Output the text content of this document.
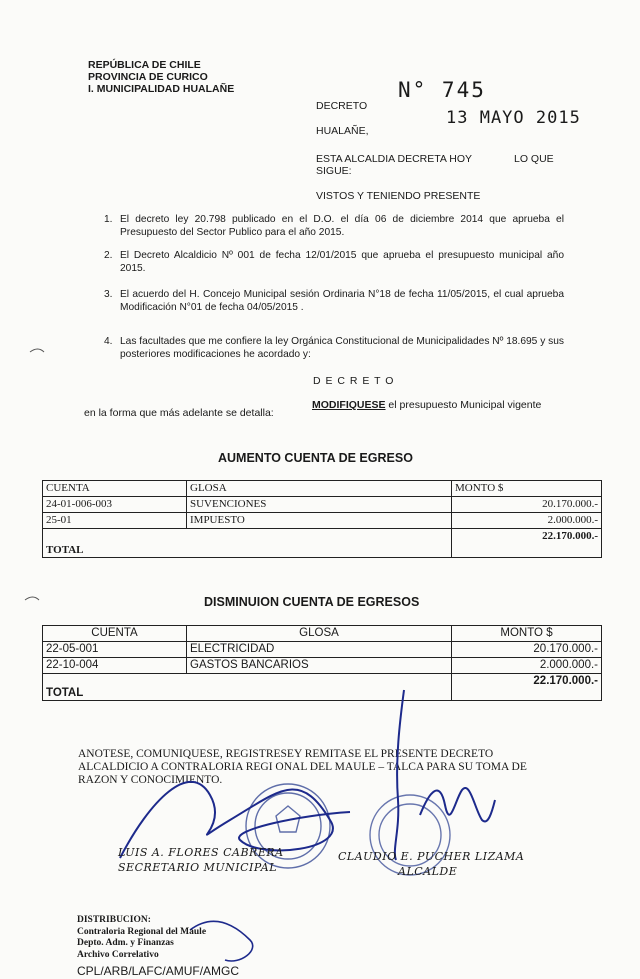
REPÚBLICA DE CHILE
PROVINCIA DE CURICO
I. MUNICIPALIDAD HUALAÑE	N° 745
13 MAYO 2015
DECRETO
HUALAÑE,
ESTA ALCALDIA DECRETA HOY	LO QUE
SIGUE:
VISTOS Y TENIENDO PRESENTE
1. El decreto ley 20.798 publicado en el D.O. el día 06 de diciembre 2014 que aprueba el Presupuesto del Sector Publico para el año 2015.
2. El Decreto Alcaldicio Nº 001 de fecha 12/01/2015 que aprueba el presupuesto municipal año 2015.
3. El acuerdo del H. Concejo Municipal sesión Ordinaria N°18 de fecha 11/05/2015, el cual aprueba Modificación N°01 de fecha 04/05/2015 .
4. Las facultades que me confiere la ley Orgánica Constitucional de Municipalidades Nº 18.695 y sus posteriores modificaciones he acordado y:
D E C R E T O
MODIFIQUESE el presupuesto Municipal vigente
en la forma que más adelante se detalla:
AUMENTO CUENTA DE EGRESO
CUENTA	GLOSA	MONTO $
24-01-006-003	SUVENCIONES	20.170.000.-
25-01	IMPUESTO	2.000.000.-
TOTAL		22.170.000.-
DISMINUION CUENTA DE EGRESOS
CUENTA	GLOSA	MONTO $
22-05-001	ELECTRICIDAD	20.170.000.-
22-10-004	GASTOS BANCARIOS	2.000.000.-
TOTAL		22.170.000.-
ANOTESE, COMUNIQUESE, REGISTRESEY REMITASE EL PRESENTE DECRETO
ALCALDICIO A CONTRALORIA REGI ONAL DEL MAULE – TALCA PARA SU TOMA DE
RAZON Y CONOCIMIENTO.
LUIS A. FLORES CABRERA
SECRETARIO MUNICIPAL
CLAUDIO E. PUCHER LIZAMA
ALCALDE
DISTRIBUCION:
Contraloria Regional del Maule
Depto. Adm. y Finanzas
Archivo Correlativo
CPL/ARB/LAFC/AMUF/AMGC
